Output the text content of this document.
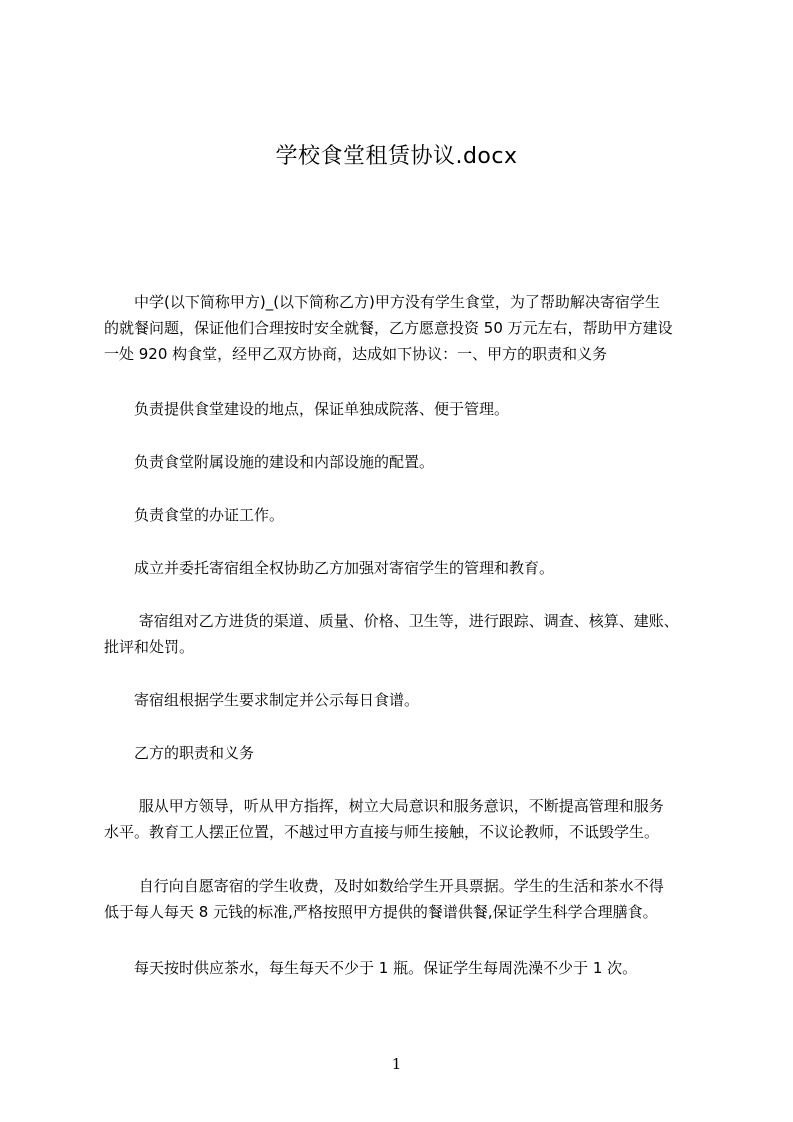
学校食堂租赁协议.docx
　　中学(以下简称甲方)_(以下简称乙方)甲方没有学生食堂，为了帮助解决寄宿学生
的就餐问题，保证他们合理按时安全就餐，乙方愿意投资 50 万元左右，帮助甲方建设
一处 920 构食堂，经甲乙双方协商，达成如下协议：一、甲方的职责和义务
　　负责提供食堂建设的地点，保证单独成院落、便于管理。
　　负责食堂附属设施的建设和内部设施的配置。
　　负责食堂的办证工作。
　　成立并委托寄宿组全权协助乙方加强对寄宿学生的管理和教育。
　　 寄宿组对乙方进货的渠道、质量、价格、卫生等，进行跟踪、调查、核算、建账、
批评和处罚。
　　寄宿组根据学生要求制定并公示每日食谱。
　　乙方的职责和义务
　　 服从甲方领导，听从甲方指挥，树立大局意识和服务意识，不断提高管理和服务
水平。教育工人摆正位置，不越过甲方直接与师生接触，不议论教师，不诋毁学生。
　　 自行向自愿寄宿的学生收费，及时如数给学生开具票据。学生的生活和茶水不得
低于每人每天 8 元钱的标准,严格按照甲方提供的餐谱供餐,保证学生科学合理膳食。
　　每天按时供应茶水，每生每天不少于 1 瓶。保证学生每周洗澡不少于 1 次。
1
